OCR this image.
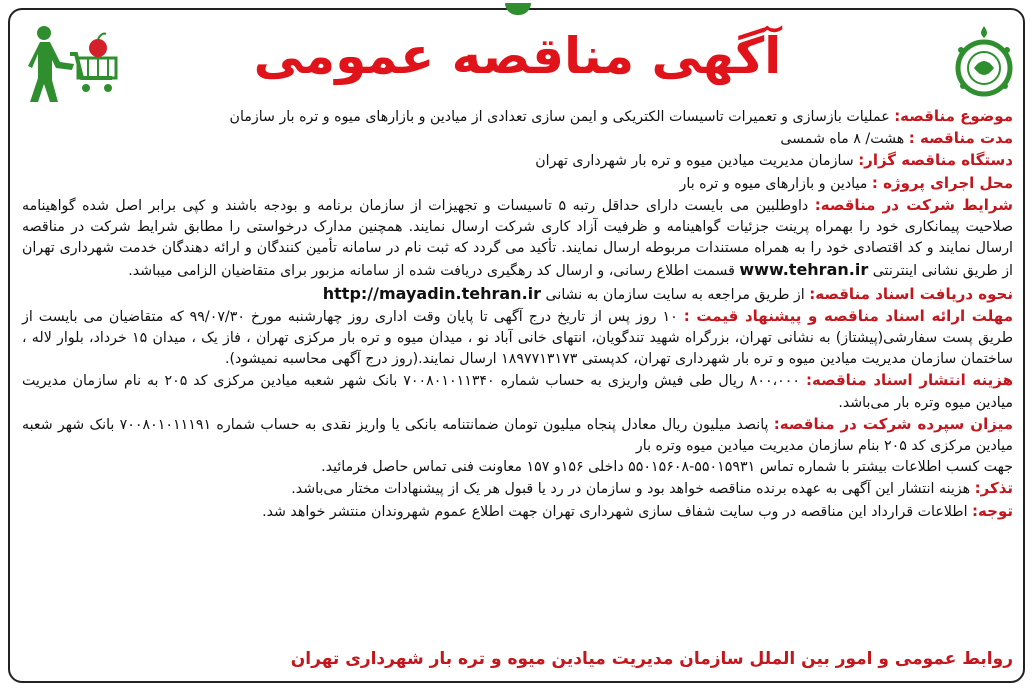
آگهی مناقصه عمومی

موضوع مناقصه: عملیات بازسازی و تعمیرات تاسیسات الکتریکی و ایمن سازی تعدادی از میادین و بازارهای میوه و تره بار سازمان

مدت مناقصه : هشت/ ۸ ماه شمسی

دستگاه مناقصه گزار: سازمان مدیریت میادین میوه و تره بار شهرداری تهران

محل اجرای پروژه : میادین و بازارهای میوه و تره بار

شرایط شرکت در مناقصه: داوطلبین می بایست دارای حداقل رتبه ۵ تاسیسات و تجهیزات از سازمان برنامه و بودجه باشند و کپی برابر اصل شده گواهینامه صلاحیت پیمانکاری خود را بهمراه پرینت جزئیات گواهینامه و ظرفیت آزاد کاری شرکت ارسال نمایند. همچنین مدارک درخواستی را مطابق شرایط شرکت در مناقصه ارسال نمایند و کد اقتصادی خود را به همراه مستندات مربوطه ارسال نمایند. تأکید می گردد که ثبت نام در سامانه تأمین کنندگان و ارائه دهندگان خدمت شهرداری تهران از طریق نشانی اینترنتی www.tehran.ir قسمت اطلاع رسانی، و ارسال کد رهگیری دریافت شده از سامانه مزبور برای متقاضیان الزامی میباشد.

نحوه دریافت اسناد مناقصه: از طریق مراجعه به سایت سازمان به نشانی http://mayadin.tehran.ir

مهلت ارائه اسناد مناقصه و پیشنهاد قیمت : ۱۰ روز پس از تاریخ درج آگهی تا پایان وقت اداری روز چهارشنبه مورخ ۹۹/۰۷/۳۰ که متقاضیان می بایست از طریق پست سفارشی(پیشتاز) به نشانی تهران، بزرگراه شهید تندگویان، انتهای خانی آباد نو ، میدان میوه و تره بار مرکزی تهران ، فاز یک ، میدان ۱۵ خرداد، بلوار لاله ، ساختمان سازمان مدیریت میادین میوه و تره بار شهرداری تهران، کدپستی ۱۸۹۷۷۱۳۱۷۳ ارسال نمایند.(روز درج آگهی محاسبه نمیشود).

هزینه انتشار اسناد مناقصه: ۸۰۰،۰۰۰ ریال طی فیش واریزی به حساب شماره ۷۰۰۸۰۱۰۱۱۳۴۰ بانک شهر شعبه میادین مرکزی کد ۲۰۵ به نام سازمان مدیریت میادین میوه وتره بار می‌باشد.

میزان سپرده شرکت در مناقصه: پانصد میلیون ریال معادل پنجاه میلیون تومان ضمانتنامه بانکی یا واریز نقدی به حساب شماره ۷۰۰۸۰۱۰۱۱۱۹۱ بانک شهر شعبه میادین مرکزی کد ۲۰۵ بنام سازمان مدیریت میادین میوه وتره بار

جهت کسب اطلاعات بیشتر با شماره تماس ۵۵۰۱۵۹۳۱-۵۵۰۱۵۶۰۸ داخلی ۱۵۶و ۱۵۷ معاونت فنی تماس حاصل فرمائید.

تذکر: هزینه انتشار این آگهی به عهده برنده مناقصه خواهد بود و سازمان در رد یا قبول هر یک از پیشنهادات مختار می‌باشد.

توجه: اطلاعات قرارداد این مناقصه در وب سایت شفاف سازی شهرداری تهران جهت اطلاع عموم شهروندان منتشر خواهد شد.

روابط عمومی و امور بین الملل سازمان مدیریت میادین میوه و تره بار شهرداری تهران
